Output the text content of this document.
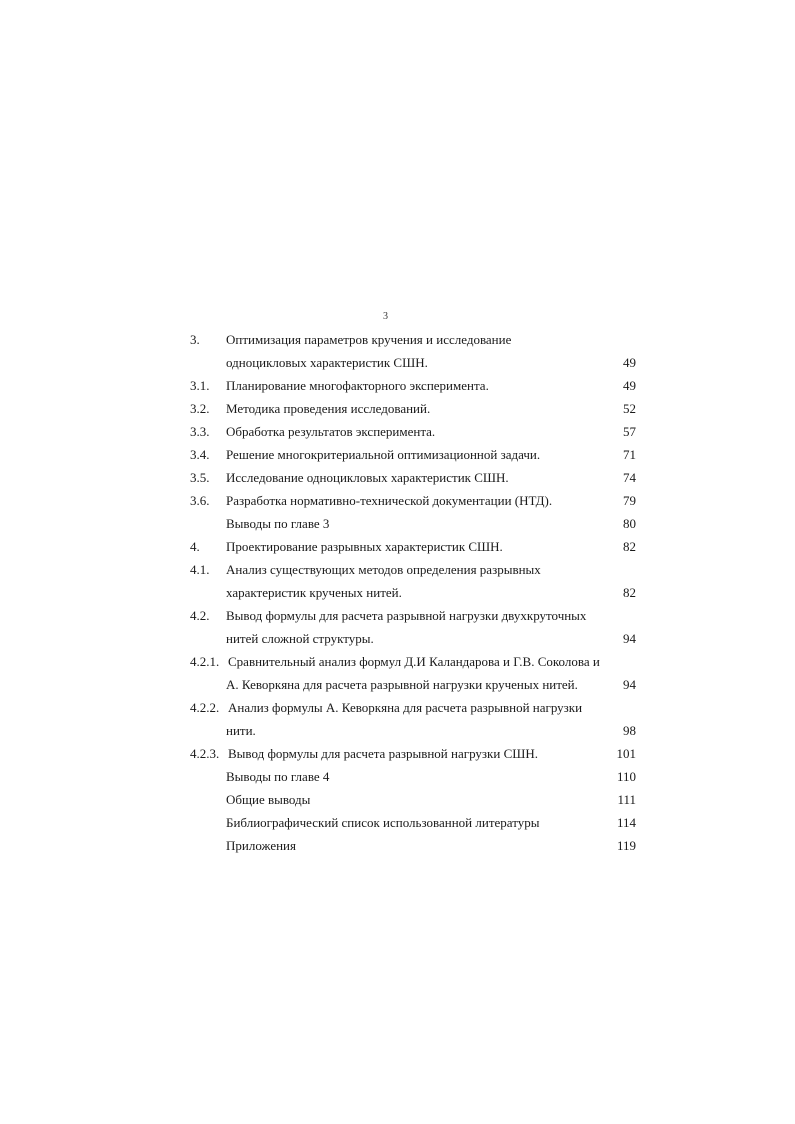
3
3. Оптимизация параметров кручения и исследование
одноцикловых характеристик СШН.	49
3.1. Планирование многофакторного эксперимента.	49
3.2. Методика проведения исследований.	52
3.3. Обработка результатов эксперимента.	57
3.4. Решение многокритериальной оптимизационной задачи.	71
3.5. Исследование одноцикловых характеристик СШН.	74
3.6. Разработка нормативно-технической документации (НТД).	79
Выводы по главе 3	80
4. Проектирование разрывных характеристик СШН.	82
4.1. Анализ существующих методов определения разрывных
характеристик крученых нитей.	82
4.2. Вывод формулы для расчета разрывной нагрузки двухкруточных
нитей сложной структуры.	94
4.2.1. Сравнительный анализ формул Д.И Каландарова и Г.В. Соколова и
А. Кеворкяна для расчета разрывной нагрузки крученых нитей.	94
4.2.2. Анализ формулы А. Кеворкяна для расчета разрывной нагрузки
нити.	98
4.2.3. Вывод формулы для расчета разрывной нагрузки СШН.	101
Выводы по главе 4	110
Общие выводы	111
Библиографический список использованной литературы	114
Приложения	119
